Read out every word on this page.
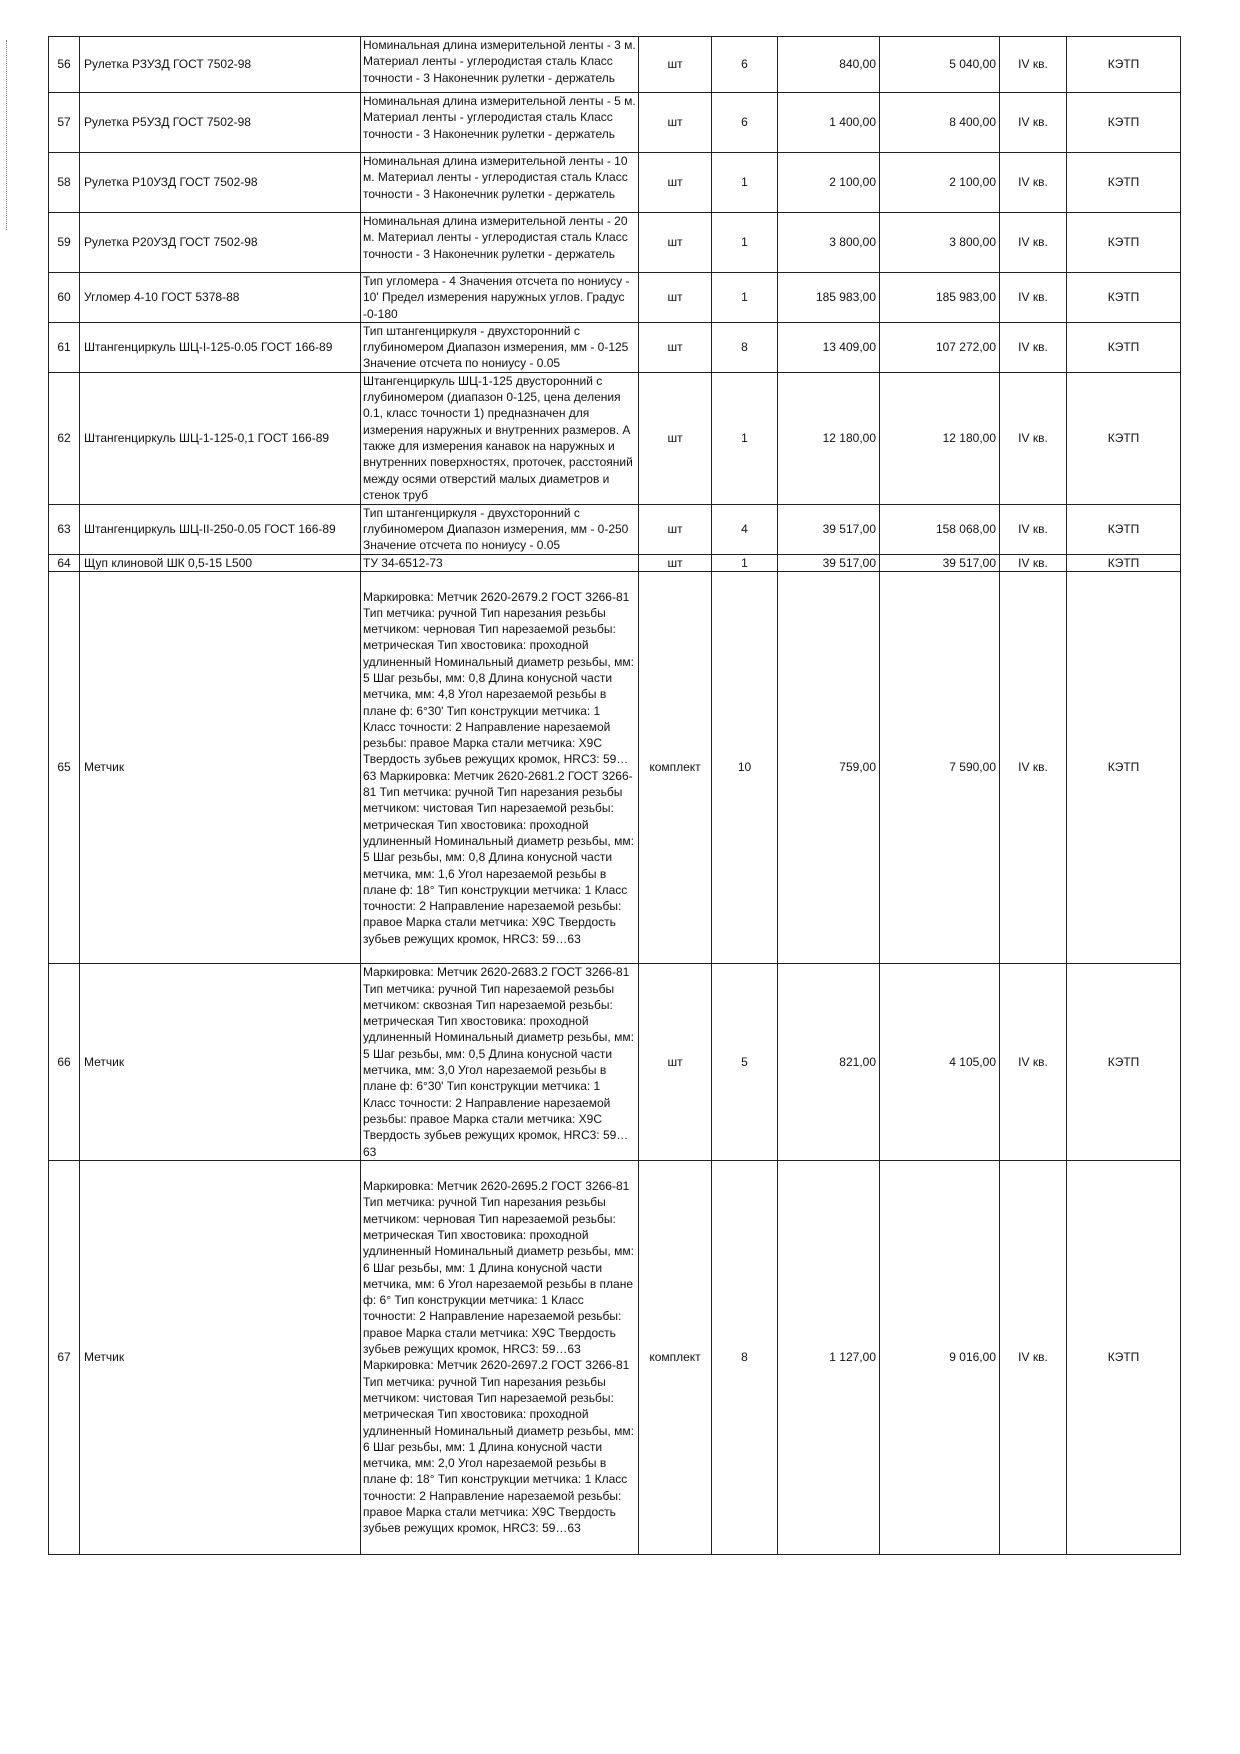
56	Рулетка РЗУЗД ГОСТ 7502-98	Номинальная длина измерительной ленты - 3 м. Материал ленты - углеродистая сталь Класс точности - 3 Наконечник рулетки - держатель	шт	6	840,00	5 040,00	IV кв.	КЭТП
57	Рулетка Р5УЗД ГОСТ 7502-98	Номинальная длина измерительной ленты - 5 м. Материал ленты - углеродистая сталь Класс точности - 3 Наконечник рулетки - держатель	шт	6	1 400,00	8 400,00	IV кв.	КЭТП
58	Рулетка Р10УЗД ГОСТ 7502-98	Номинальная длина измерительной ленты - 10 м. Материал ленты - углеродистая сталь Класс точности - 3 Наконечник рулетки - держатель	шт	1	2 100,00	2 100,00	IV кв.	КЭТП
59	Рулетка Р20УЗД ГОСТ 7502-98	Номинальная длина измерительной ленты - 20 м. Материал ленты - углеродистая сталь Класс точности - 3 Наконечник рулетки - держатель	шт	1	3 800,00	3 800,00	IV кв.	КЭТП
60	Угломер 4-10 ГОСТ 5378-88	Тип угломера - 4 Значения отсчета по нониусу - 10' Предел измерения наружных углов. Градус -0-180	шт	1	185 983,00	185 983,00	IV кв.	КЭТП
61	Штангенциркуль ШЦ-I-125-0.05 ГОСТ 166-89	Тип штангенциркуля - двухсторонний с глубиномером Диапазон измерения, мм - 0-125 Значение отсчета по нониусу - 0.05	шт	8	13 409,00	107 272,00	IV кв.	КЭТП
62	Штангенциркуль ШЦ-1-125-0,1 ГОСТ 166-89	Штангенциркуль ШЦ-1-125 двусторонний с глубиномером (диапазон 0-125, цена деления 0.1, класс точности 1) предназначен для измерения наружных и внутренних размеров. А также для измерения канавок на наружных и внутренних поверхностях, проточек, расстояний между осями отверстий малых диаметров и стенок труб	шт	1	12 180,00	12 180,00	IV кв.	КЭТП
63	Штангенциркуль ШЦ-II-250-0.05 ГОСТ 166-89	Тип штангенциркуля - двухсторонний с глубиномером Диапазон измерения, мм - 0-250 Значение отсчета по нониусу - 0.05	шт	4	39 517,00	158 068,00	IV кв.	КЭТП
64	Щуп клиновой ШК 0,5-15 L500	ТУ 34-6512-73	шт	1	39 517,00	39 517,00	IV кв.	КЭТП
65	Метчик	Маркировка: Метчик 2620-2679.2 ГОСТ 3266-81 Тип метчика: ручной Тип нарезания резьбы метчиком: черновая Тип нарезаемой резьбы: метрическая Тип хвостовика: проходной удлиненный Номинальный диаметр резьбы, мм: 5 Шаг резьбы, мм: 0,8 Длина конусной части метчика, мм: 4,8 Угол нарезаемой резьбы в плане ф: 6°30' Тип конструкции метчика: 1 Класс точности: 2 Направление нарезаемой резьбы: правое Марка стали метчика: Х9С Твердость зубьев режущих кромок, HRC3: 59…63 Маркировка: Метчик 2620-2681.2 ГОСТ 3266-81 Тип метчика: ручной Тип нарезания резьбы метчиком: чистовая Тип нарезаемой резьбы: метрическая Тип хвостовика: проходной удлиненный Номинальный диаметр резьбы, мм: 5 Шаг резьбы, мм: 0,8 Длина конусной части метчика, мм: 1,6 Угол нарезаемой резьбы в плане ф: 18° Тип конструкции метчика: 1 Класс точности: 2 Направление нарезаемой резьбы: правое Марка стали метчика: Х9С Твердость зубьев режущих кромок, HRC3: 59…63	комплект	10	759,00	7 590,00	IV кв.	КЭТП
66	Метчик	Маркировка: Метчик 2620-2683.2 ГОСТ 3266-81 Тип метчика: ручной Тип нарезаемой резьбы метчиком: сквозная Тип нарезаемой резьбы: метрическая Тип хвостовика: проходной удлиненный Номинальный диаметр резьбы, мм: 5 Шаг резьбы, мм: 0,5 Длина конусной части метчика, мм: 3,0 Угол нарезаемой резьбы в плане ф: 6°30' Тип конструкции метчика: 1 Класс точности: 2 Направление нарезаемой резьбы: правое Марка стали метчика: Х9С Твердость зубьев режущих кромок, HRC3: 59…63	шт	5	821,00	4 105,00	IV кв.	КЭТП
67	Метчик	Маркировка: Метчик 2620-2695.2 ГОСТ 3266-81 Тип метчика: ручной Тип нарезания резьбы метчиком: черновая Тип нарезаемой резьбы: метрическая Тип хвостовика: проходной удлиненный Номинальный диаметр резьбы, мм: 6 Шаг резьбы, мм: 1 Длина конусной части метчика, мм: 6 Угол нарезаемой резьбы в плане ф: 6° Тип конструкции метчика: 1 Класс точности: 2 Направление нарезаемой резьбы: правое Марка стали метчика: Х9С Твердость зубьев режущих кромок, HRC3: 59…63 Маркировка: Метчик 2620-2697.2 ГОСТ 3266-81 Тип метчика: ручной Тип нарезания резьбы метчиком: чистовая Тип нарезаемой резьбы: метрическая Тип хвостовика: проходной удлиненный Номинальный диаметр резьбы, мм: 6 Шаг резьбы, мм: 1 Длина конусной части метчика, мм: 2,0 Угол нарезаемой резьбы в плане ф: 18° Тип конструкции метчика: 1 Класс точности: 2 Направление нарезаемой резьбы: правое Марка стали метчика: Х9С Твердость зубьев режущих кромок, HRC3: 59…63	комплект	8	1 127,00	9 016,00	IV кв.	КЭТП
